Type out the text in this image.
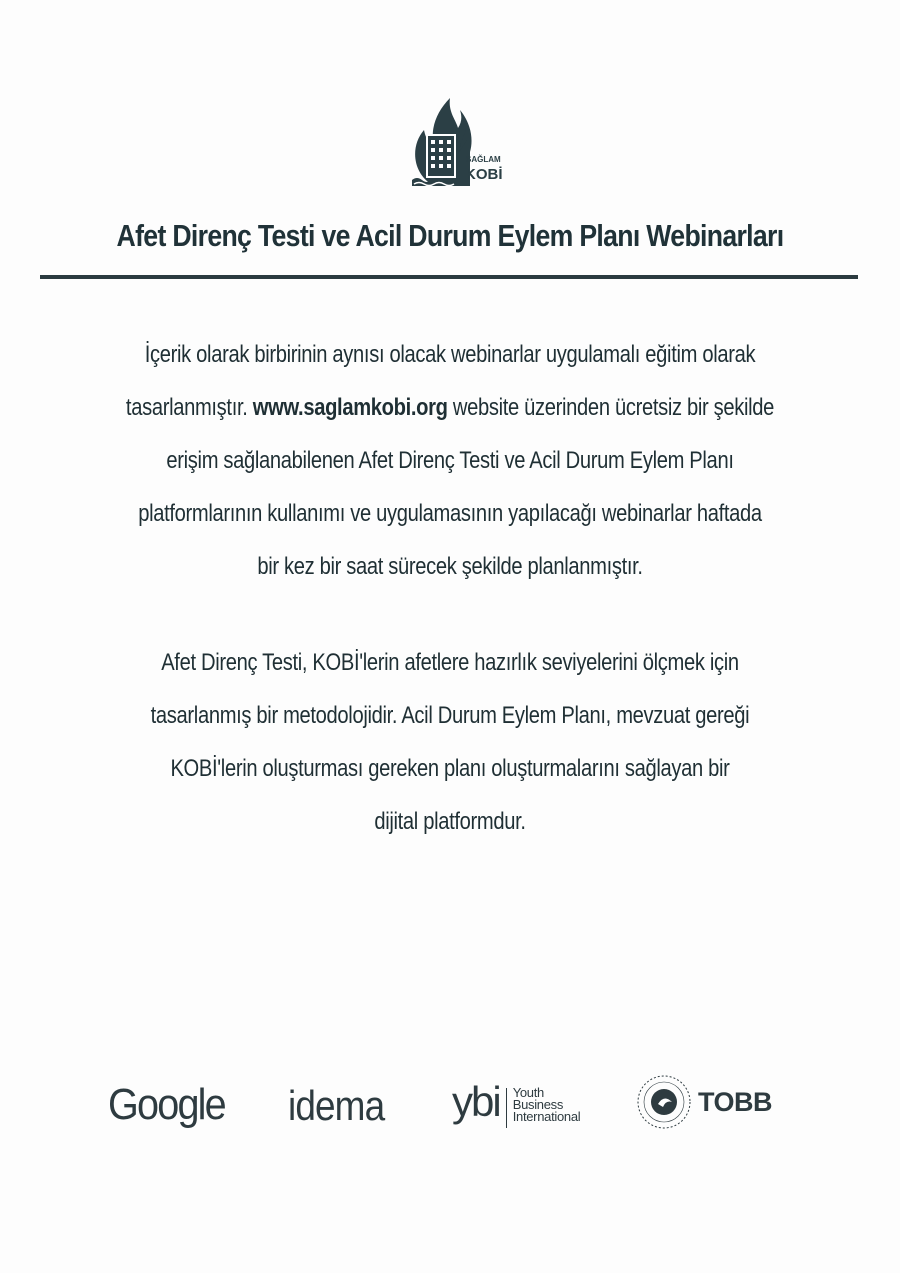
SAĞLAM
KOBİ
Afet Direnç Testi ve Acil Durum Eylem Planı Webinarları
İçerik olarak birbirinin aynısı olacak webinarlar uygulamalı eğitim olarak
tasarlanmıştır. www.saglamkobi.org website üzerinden ücretsiz bir şekilde
erişim sağlanabilenen Afet Direnç Testi ve Acil Durum Eylem Planı
platformlarının kullanımı ve uygulamasının yapılacağı webinarlar haftada
bir kez bir saat sürecek şekilde planlanmıştır.
Afet Direnç Testi, KOBİ'lerin afetlere hazırlık seviyelerini ölçmek için
tasarlanmış bir metodolojidir. Acil Durum Eylem Planı, mevzuat gereği
KOBİ'lerin oluşturması gereken planı oluşturmalarını sağlayan bir
dijital platformdur.
Google idema ybi Youth
Business
International	TOBB
